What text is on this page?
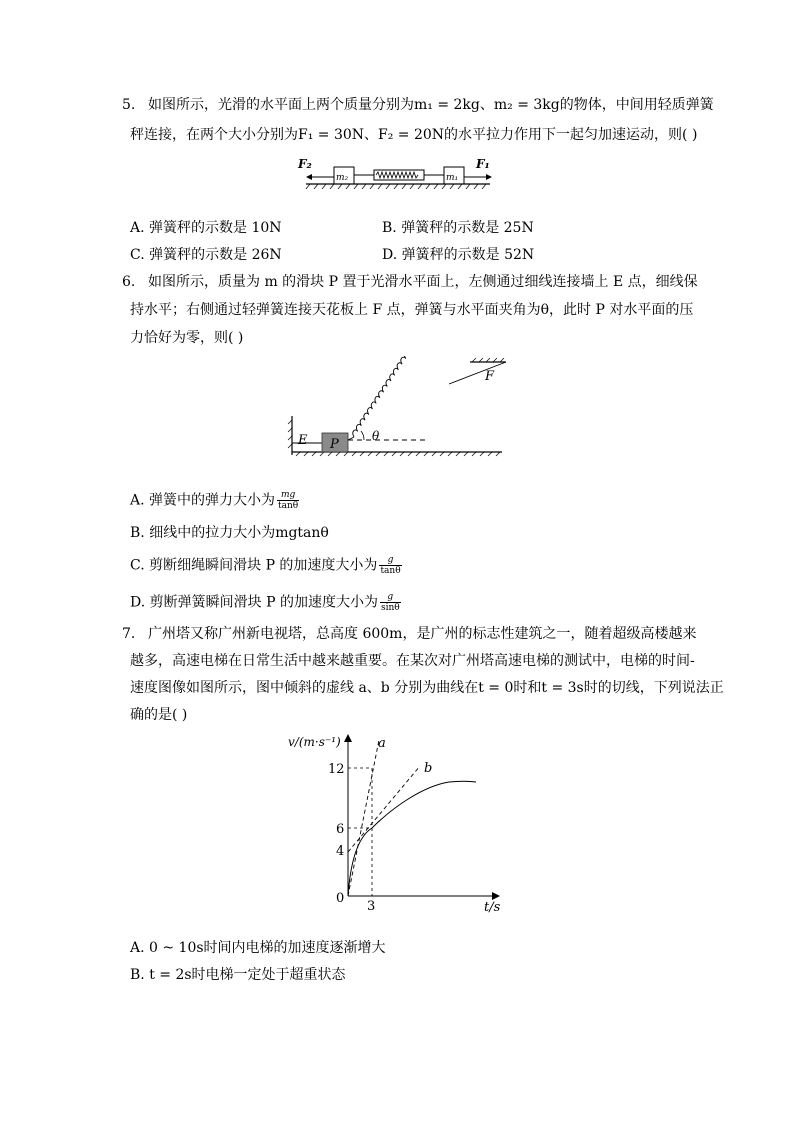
5. 如图所示，光滑的水平面上两个质量分别为m₁ = 2kg、m₂ = 3kg的物体，中间用轻质弹簧
秤连接，在两个大小分别为F₁ = 30N、F₂ = 20N的水平拉力作用下一起匀加速运动，则( )
F₂	F₁
m₂	m₁
A. 弹簧秤的示数是 10N	B. 弹簧秤的示数是 25N
C. 弹簧秤的示数是 26N	D. 弹簧秤的示数是 52N
6. 如图所示，质量为 m 的滑块 P 置于光滑水平面上，左侧通过细线连接墙上 E 点，细线保
持水平；右侧通过轻弹簧连接天花板上 F 点，弹簧与水平面夹角为θ，此时 P 对水平面的压
力恰好为零，则( )
E P
θ
F
A. 弹簧中的弹力大小为 $\frac{mg}{\tan\theta}$
B. 细线中的拉力大小为mgtanθ
C. 剪断细绳瞬间滑块 P 的加速度大小为 $\frac{g}{\tan\theta}$
D. 剪断弹簧瞬间滑块 P 的加速度大小为 $\frac{g}{\sin\theta}$
7. 广州塔又称广州新电视塔，总高度 600m，是广州的标志性建筑之一，随着超级高楼越来
越多，高速电梯在日常生活中越来越重要。在某次对广州塔高速电梯的测试中，电梯的时间-
速度图像如图所示，图中倾斜的虚线 a、b 分别为曲线在t = 0时和t = 3s时的切线，下列说法正
确的是( )
v/(m·s⁻¹)
t/s
0
12
6
4
3
a
b
A. 0 ~ 10s时间内电梯的加速度逐渐增大
B. t = 2s时电梯一定处于超重状态
